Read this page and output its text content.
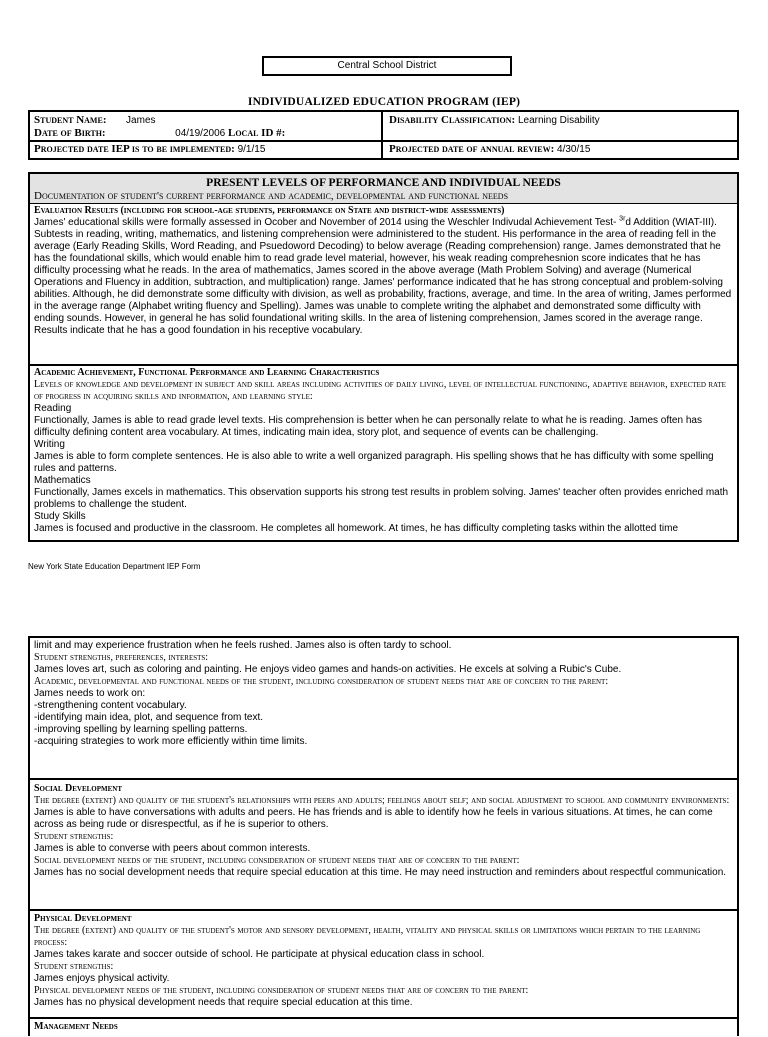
Central School District
INDIVIDUALIZED EDUCATION PROGRAM (IEP)
Student Name: James
Date of Birth:	04/19/2006 Local ID #:
Disability Classification: Learning Disability
Projected date IEP is to be implemented: 9/1/15	Projected date of annual review: 4/30/15
PRESENT LEVELS OF PERFORMANCE AND INDIVIDUAL NEEDS
Documentation of student's current performance and academic, developmental and functional needs

Evaluation Results (including for school-age students, performance on State and district-wide assessments)

James' educational skills were formally assessed in Ocober and November of 2014 using the Weschler Indivudal Achievement Test- $^{3r}$d Addition (WIAT-III). Subtests in reading, writing, mathematics, and listening comprehension were administered to the student. His performance in the area of reading fell in the average (Early Reading Skills, Word Reading, and Psuedoword Decoding) to below average (Reading comprehension) range. James demonstrated that he has the foundational skills, which would enable him to read grade level material, however, his weak reading comprehesnion score indicates that he has difficulty processing what he reads. In the area of mathematics, James scored in the above average (Math Problem Solving) and average (Numerical Operations and Fluency in addition, subtraction, and multiplication) range. James' performance indicated that he has strong conceptual and problem-solving abilities. Although, he did demonstrate some difficulty with division, as well as probability, fractions, average, and time. In the area of writing, James performed in the average range (Alphabet writing fluency and Spelling). James was unable to complete writing the alphabet and demonstrated some difficulty with ending sounds. However, in general he has solid foundational writing skills. In the area of listening comprehension, James scored in the average range. Results indicate that he has a good foundation in his receptive vocabulary.

Academic Achievement, Functional Performance and Learning Characteristics

Levels of knowledge and development in subject and skill areas including activities of daily living, level of intellectual functioning, adaptive behavior, expected rate of progress in acquiring skills and information, and learning style:

Reading

Functionally, James is able to read grade level texts. His comprehension is better when he can personally relate to what he is reading. James often has difficulty defining content area vocabulary. At times, indicating main idea, story plot, and sequence of events can be challenging.

Writing

James is able to form complete sentences. He is also able to write a well organized paragraph. His spelling shows that he has difficulty with some spelling rules and patterns.

Mathematics

Functionally, James excels in mathematics. This observation supports his strong test results in problem solving. James' teacher often provides enriched math problems to challenge the student.

Study Skills

James is focused and productive in the classroom. He completes all homework. At times, he has difficulty completing tasks within the allotted time

New York State Education Department IEP Form

limit and may experience frustration when he feels rushed. James also is often tardy to school.

Student strengths, preferences, interests:

James loves art, such as coloring and painting. He enjoys video games and hands-on activities. He excels at solving a Rubic's Cube.

Academic, developmental and functional needs of the student, including consideration of student needs that are of concern to the parent:

James needs to work on:

-strengthening content vocabulary.

-identifying main idea, plot, and sequence from text.

-improving spelling by learning spelling patterns.

-acquiring strategies to work more efficiently within time limits.

Social Development

The degree (extent) and quality of the student's relationships with peers and adults; feelings about self; and social adjustment to school and community environments:

James is able to have conversations with adults and peers. He has friends and is able to identify how he feels in various situations. At times, he can come across as being rude or disrespectful, as if he is superior to others.

Student strengths:

James is able to converse with peers about common interests.

Social development needs of the student, including consideration of student needs that are of concern to the parent:

James has no social development needs that require special education at this time. He may need instruction and reminders about respectful communication.

Physical Development

The degree (extent) and quality of the student's motor and sensory development, health, vitality and physical skills or limitations which pertain to the learning process:

James takes karate and soccer outside of school. He participate at physical education class in school.

Student strengths:

James enjoys physical activity.

Physical development needs of the student, including consideration of student needs that are of concern to the parent:

James has no physical development needs that require special education at this time.

Management Needs
